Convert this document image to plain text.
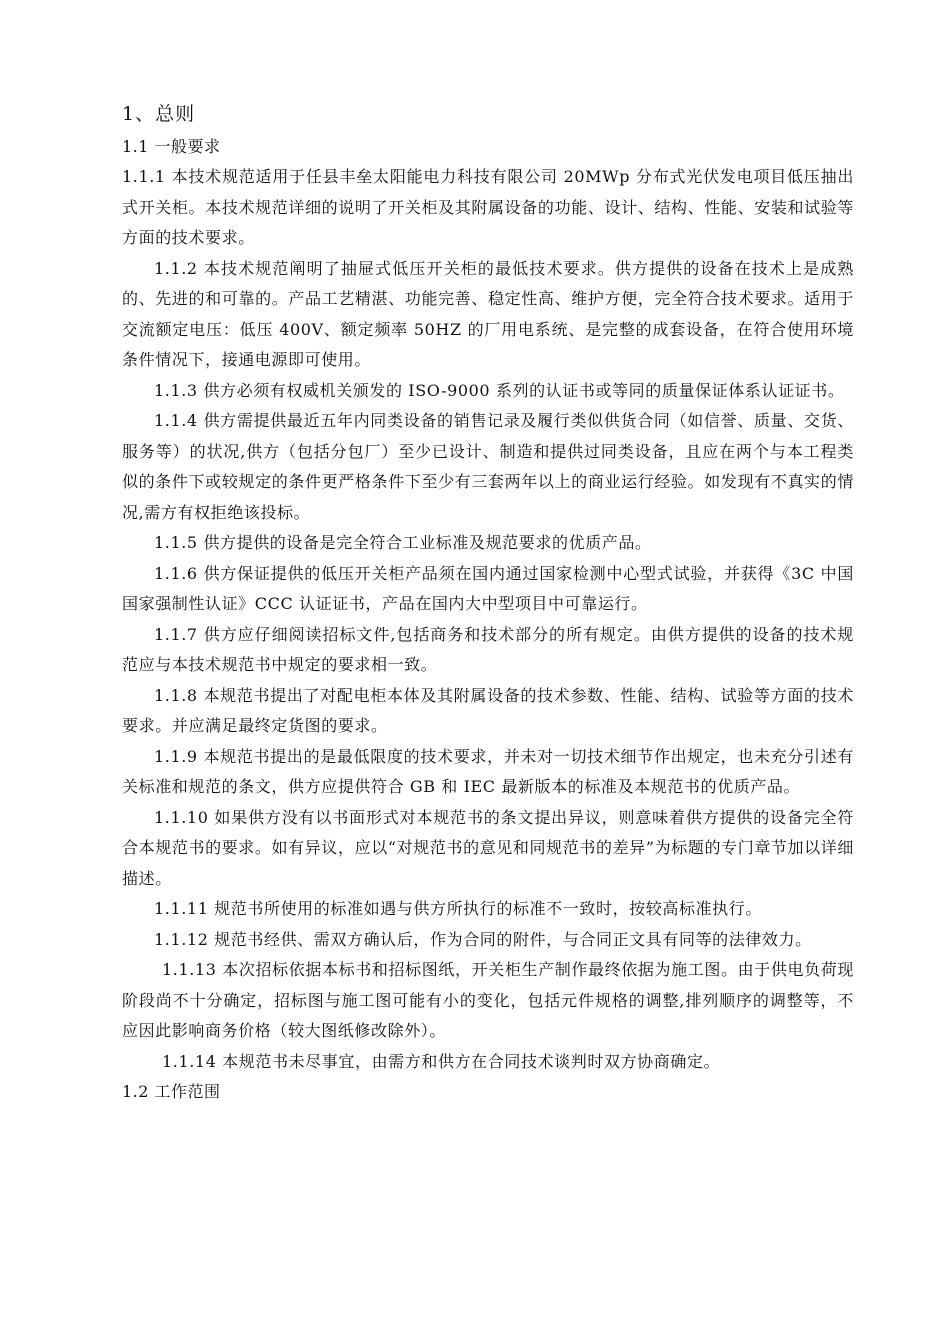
1、总则
1.1 一般要求

1.1.1 本技术规范适用于任县丰垒太阳能电力科技有限公司 20MWp 分布式光伏发电项目低压抽出式开关柜。本技术规范详细的说明了开关柜及其附属设备的功能、设计、结构、性能、安装和试验等方面的技术要求。

1.1.2 本技术规范阐明了抽屉式低压开关柜的最低技术要求。供方提供的设备在技术上是成熟的、先进的和可靠的。产品工艺精湛、功能完善、稳定性高、维护方便，完全符合技术要求。适用于交流额定电压：低压 400V、额定频率 50HZ 的厂用电系统、是完整的成套设备，在符合使用环境条件情况下，接通电源即可使用。

1.1.3 供方必须有权威机关颁发的 ISO-9000 系列的认证书或等同的质量保证体系认证证书。

1.1.4 供方需提供最近五年内同类设备的销售记录及履行类似供货合同（如信誉、质量、交货、服务等）的状况,供方（包括分包厂）至少已设计、制造和提供过同类设备，且应在两个与本工程类似的条件下或较规定的条件更严格条件下至少有三套两年以上的商业运行经验。如发现有不真实的情况,需方有权拒绝该投标。

1.1.5 供方提供的设备是完全符合工业标准及规范要求的优质产品。

1.1.6 供方保证提供的低压开关柜产品须在国内通过国家检测中心型式试验，并获得《3C 中国国家强制性认证》CCC 认证证书，产品在国内大中型项目中可靠运行。

1.1.7 供方应仔细阅读招标文件,包括商务和技术部分的所有规定。由供方提供的设备的技术规范应与本技术规范书中规定的要求相一致。

1.1.8 本规范书提出了对配电柜本体及其附属设备的技术参数、性能、结构、试验等方面的技术要求。并应满足最终定货图的要求。

1.1.9 本规范书提出的是最低限度的技术要求，并未对一切技术细节作出规定，也未充分引述有关标准和规范的条文，供方应提供符合 GB 和 IEC 最新版本的标准及本规范书的优质产品。

1.1.10 如果供方没有以书面形式对本规范书的条文提出异议，则意味着供方提供的设备完全符合本规范书的要求。如有异议，应以“对规范书的意见和同规范书的差异”为标题的专门章节加以详细描述。

1.1.11 规范书所使用的标准如遇与供方所执行的标准不一致时，按较高标准执行。

1.1.12 规范书经供、需双方确认后，作为合同的附件，与合同正文具有同等的法律效力。

1.1.13 本次招标依据本标书和招标图纸，开关柜生产制作最终依据为施工图。由于供电负荷现阶段尚不十分确定，招标图与施工图可能有小的变化，包括元件规格的调整,排列顺序的调整等，不应因此影响商务价格（较大图纸修改除外）。

1.1.14 本规范书未尽事宜，由需方和供方在合同技术谈判时双方协商确定。

1.2 工作范围
